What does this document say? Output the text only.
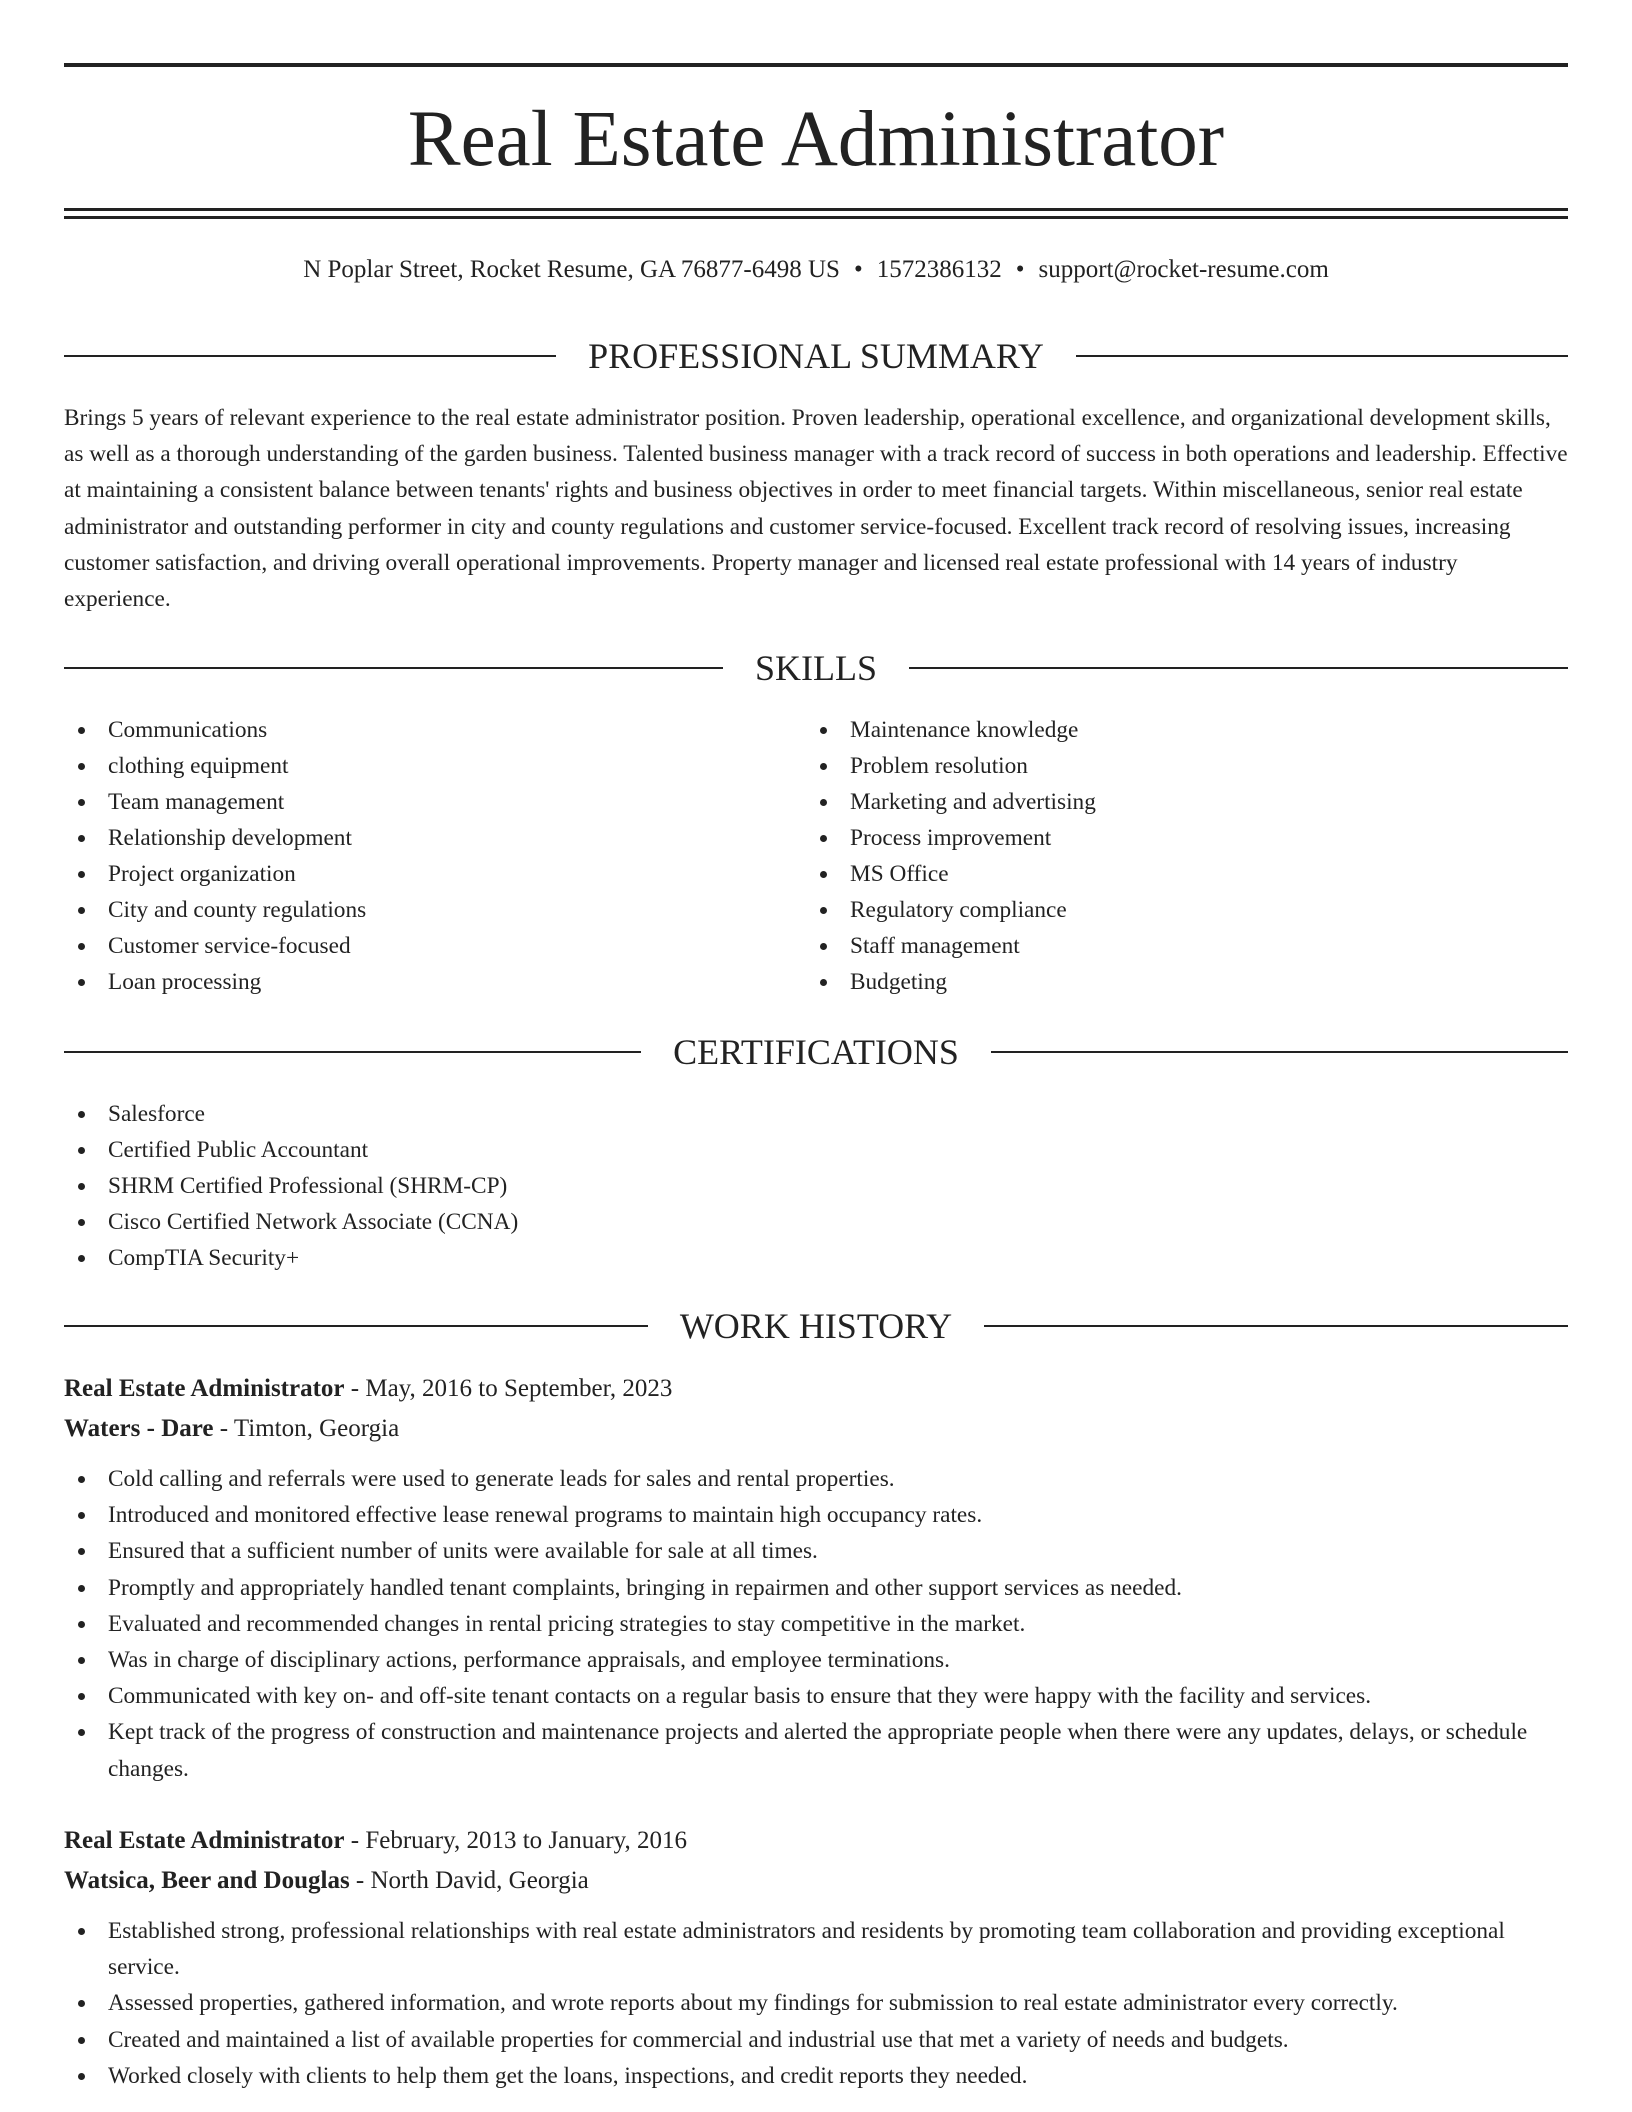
Real Estate Administrator
N Poplar Street, Rocket Resume, GA 76877-6498 US • 1572386132 • support@rocket-resume.com
PROFESSIONAL SUMMARY

Brings 5 years of relevant experience to the real estate administrator position. Proven leadership, operational excellence, and organizational development skills, as well as a thorough understanding of the garden business. Talented business manager with a track record of success in both operations and leadership. Effective at maintaining a consistent balance between tenants' rights and business objectives in order to meet financial targets. Within miscellaneous, senior real estate administrator and outstanding performer in city and county regulations and customer service-focused. Excellent track record of resolving issues, increasing customer satisfaction, and driving overall operational improvements. Property manager and licensed real estate professional with 14 years of industry experience.

SKILLS
Communications
clothing equipment
Team management
Relationship development
Project organization
City and county regulations
Customer service-focused
Loan processing
Maintenance knowledge
Problem resolution
Marketing and advertising
Process improvement
MS Office
Regulatory compliance
Staff management
Budgeting
CERTIFICATIONS
Salesforce
Certified Public Accountant
SHRM Certified Professional (SHRM-CP)
Cisco Certified Network Associate (CCNA)
CompTIA Security+
WORK HISTORY
Real Estate Administrator - May, 2016 to September, 2023
Waters - Dare - Timton, Georgia
Cold calling and referrals were used to generate leads for sales and rental properties.
Introduced and monitored effective lease renewal programs to maintain high occupancy rates.
Ensured that a sufficient number of units were available for sale at all times.
Promptly and appropriately handled tenant complaints, bringing in repairmen and other support services as needed.
Evaluated and recommended changes in rental pricing strategies to stay competitive in the market.
Was in charge of disciplinary actions, performance appraisals, and employee terminations.
Communicated with key on- and off-site tenant contacts on a regular basis to ensure that they were happy with the facility and services.
Kept track of the progress of construction and maintenance projects and alerted the appropriate people when there were any updates, delays, or schedule changes.
Real Estate Administrator - February, 2013 to January, 2016
Watsica, Beer and Douglas - North David, Georgia
Established strong, professional relationships with real estate administrators and residents by promoting team collaboration and providing exceptional service.
Assessed properties, gathered information, and wrote reports about my findings for submission to real estate administrator every correctly.
Created and maintained a list of available properties for commercial and industrial use that met a variety of needs and budgets.
Worked closely with clients to help them get the loans, inspections, and credit reports they needed.
